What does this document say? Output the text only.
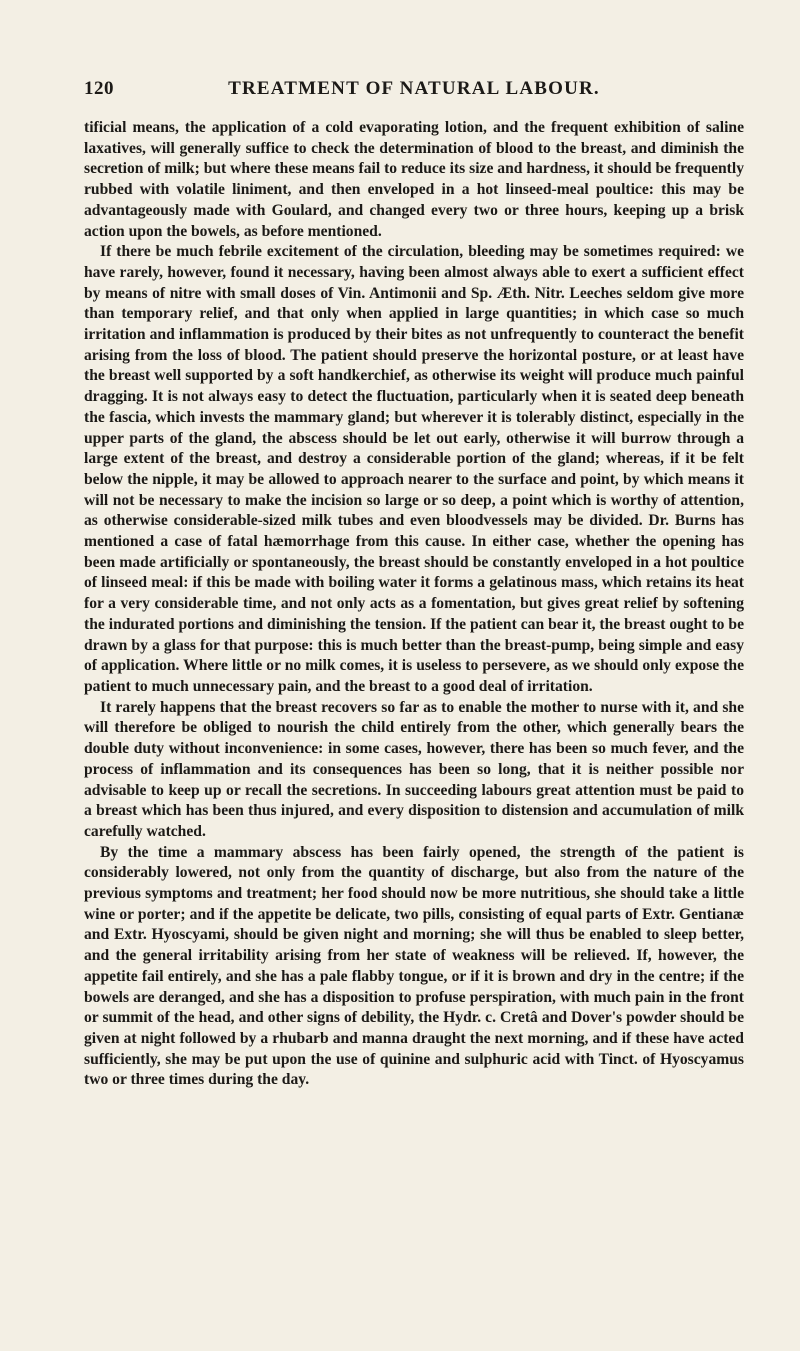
120	TREATMENT OF NATURAL LABOUR.

tificial means, the application of a cold evaporating lotion, and the frequent exhibition of saline laxatives, will generally suffice to check the determination of blood to the breast, and diminish the secretion of milk; but where these means fail to reduce its size and hardness, it should be frequently rubbed with volatile liniment, and then enveloped in a hot linseed-meal poultice: this may be advantageously made with Goulard, and changed every two or three hours, keeping up a brisk action upon the bowels, as before mentioned.

If there be much febrile excitement of the circulation, bleeding may be sometimes required: we have rarely, however, found it necessary, having been almost always able to exert a sufficient effect by means of nitre with small doses of Vin. Antimonii and Sp. Æth. Nitr. Leeches seldom give more than temporary relief, and that only when applied in large quantities; in which case so much irritation and inflammation is produced by their bites as not unfrequently to counteract the benefit arising from the loss of blood. The patient should preserve the horizontal posture, or at least have the breast well supported by a soft handkerchief, as otherwise its weight will produce much painful dragging. It is not always easy to detect the fluctuation, particularly when it is seated deep beneath the fascia, which invests the mammary gland; but wherever it is tolerably distinct, especially in the upper parts of the gland, the abscess should be let out early, otherwise it will burrow through a large extent of the breast, and destroy a considerable portion of the gland; whereas, if it be felt below the nipple, it may be allowed to approach nearer to the surface and point, by which means it will not be necessary to make the incision so large or so deep, a point which is worthy of attention, as otherwise considerable-sized milk tubes and even bloodvessels may be divided. Dr. Burns has mentioned a case of fatal hæmorrhage from this cause. In either case, whether the opening has been made artificially or spontaneously, the breast should be constantly enveloped in a hot poultice of linseed meal: if this be made with boiling water it forms a gelatinous mass, which retains its heat for a very considerable time, and not only acts as a fomentation, but gives great relief by softening the indurated portions and diminishing the tension. If the patient can bear it, the breast ought to be drawn by a glass for that purpose: this is much better than the breast-pump, being simple and easy of application. Where little or no milk comes, it is useless to persevere, as we should only expose the patient to much unnecessary pain, and the breast to a good deal of irritation.

It rarely happens that the breast recovers so far as to enable the mother to nurse with it, and she will therefore be obliged to nourish the child entirely from the other, which generally bears the double duty without inconvenience: in some cases, however, there has been so much fever, and the process of inflammation and its consequences has been so long, that it is neither possible nor advisable to keep up or recall the secretions. In succeeding labours great attention must be paid to a breast which has been thus injured, and every disposition to distension and accumulation of milk carefully watched.

By the time a mammary abscess has been fairly opened, the strength of the patient is considerably lowered, not only from the quantity of discharge, but also from the nature of the previous symptoms and treatment; her food should now be more nutritious, she should take a little wine or porter; and if the appetite be delicate, two pills, consisting of equal parts of Extr. Gentianæ and Extr. Hyoscyami, should be given night and morning; she will thus be enabled to sleep better, and the general irritability arising from her state of weakness will be relieved. If, however, the appetite fail entirely, and she has a pale flabby tongue, or if it is brown and dry in the centre; if the bowels are deranged, and she has a disposition to profuse perspiration, with much pain in the front or summit of the head, and other signs of debility, the Hydr. c. Cretâ and Dover's powder should be given at night followed by a rhubarb and manna draught the next morning, and if these have acted sufficiently, she may be put upon the use of quinine and sulphuric acid with Tinct. of Hyoscyamus two or three times during the day.
